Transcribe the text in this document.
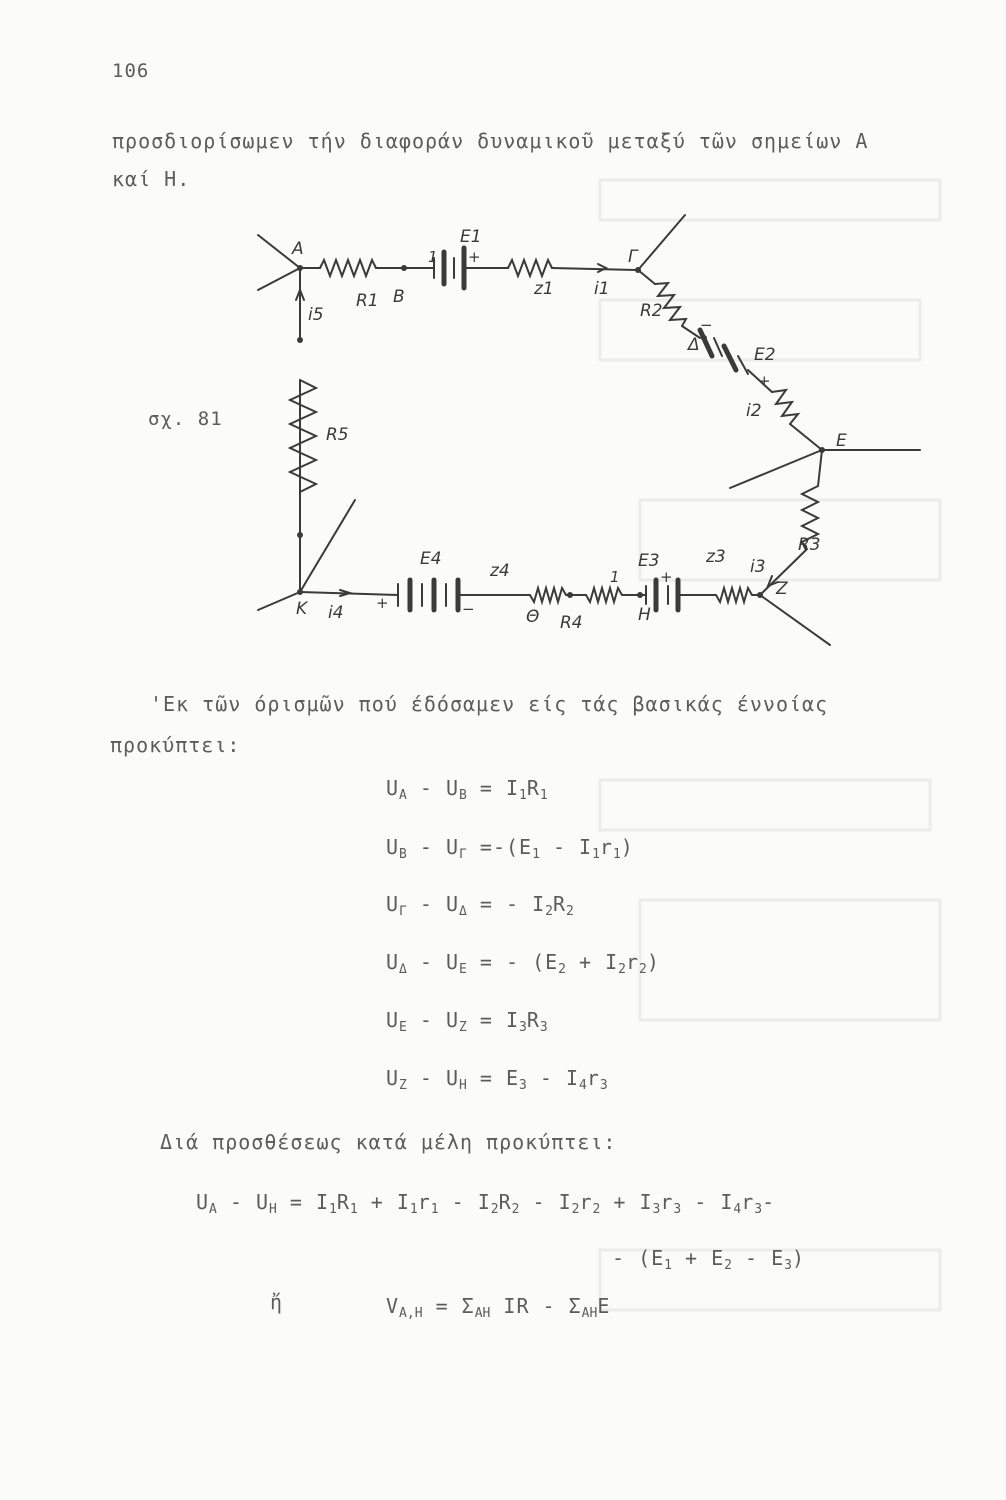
106
προσδιορίσωμεν τήν διαφοράν δυναμικοῦ μεταξύ τῶν σημείων Α
καί Η.
σχ. 81
A
B
Γ
Δ
E
Z
H
Θ
K
E1
R1
z1 i1
R2
E2
i2
R3
z3 i3
E3
R4
z4
E4
i4
i5
R5
1 +
−
+
+
1
−
+
'Εκ τῶν όρισμῶν πού έδόσαμεν είς τάς βασικάς έννοίας
προκύπτει:
$U_A - U_B = I_1R_1$
$U_B - U_\Gamma =-(E_1 - I_1r_1)$
$U_\Gamma - U_\Delta$ = - $I_2R_2$
$U_\Delta - U_E$ = - $(E_2 + I_2r_2)$
$U_E - U_Z = I_3R_3$
$U_Z - U_H = E_3 - I_4r_3$
Διά προσθέσεως κατά μέλη προκύπτει:
$U_A - U_H = I_1R_1 + I_1r_1 - I_2R_2 - I_2r_2 + I_3r_3 - I_4r_3-$
- $(E_1 + E_2 - E_3)$
ἤ	$V_{A,H} = \Sigma_{AH}$ IR - $\Sigma_{AH}E$
